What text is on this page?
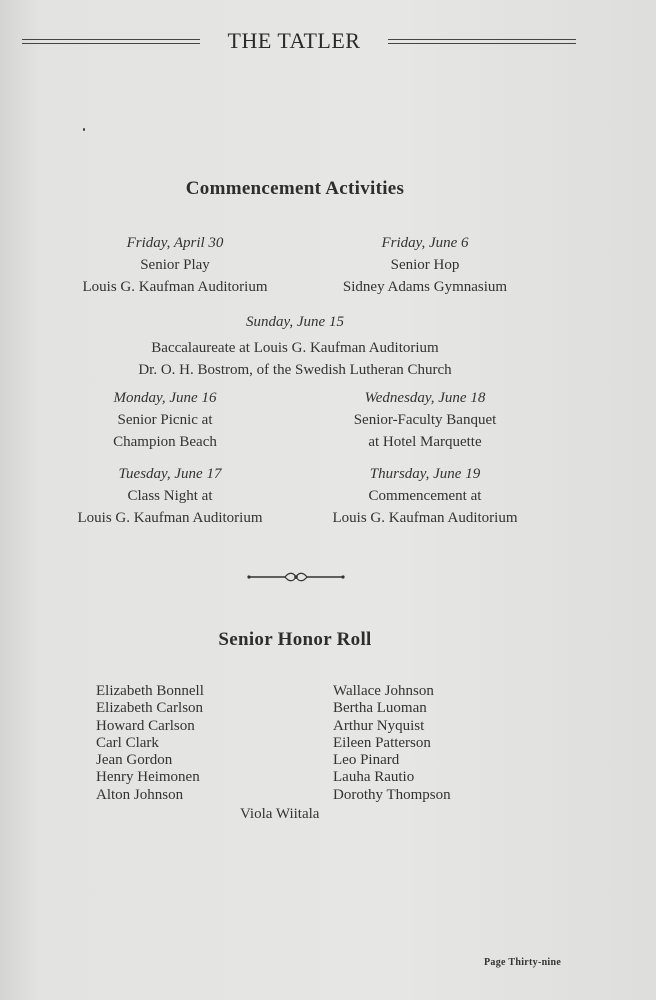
THE TATLER
Commencement Activities
Friday, April 30
Senior Play
Louis G. Kaufman Auditorium
Friday, June 6
Senior Hop
Sidney Adams Gymnasium
Sunday, June 15
Baccalaureate at Louis G. Kaufman Auditorium
Dr. O. H. Bostrom, of the Swedish Lutheran Church
Monday, June 16
Senior Picnic at
Champion Beach
Wednesday, June 18
Senior-Faculty Banquet
at Hotel Marquette
Tuesday, June 17
Class Night at
Louis G. Kaufman Auditorium
Thursday, June 19
Commencement at
Louis G. Kaufman Auditorium
Senior Honor Roll
Elizabeth Bonnell
Elizabeth Carlson
Howard Carlson
Carl Clark
Jean Gordon
Henry Heimonen
Alton Johnson
Wallace Johnson
Bertha Luoman
Arthur Nyquist
Eileen Patterson
Leo Pinard
Lauha Rautio
Dorothy Thompson
Viola Wiitala
Page Thirty-nine
